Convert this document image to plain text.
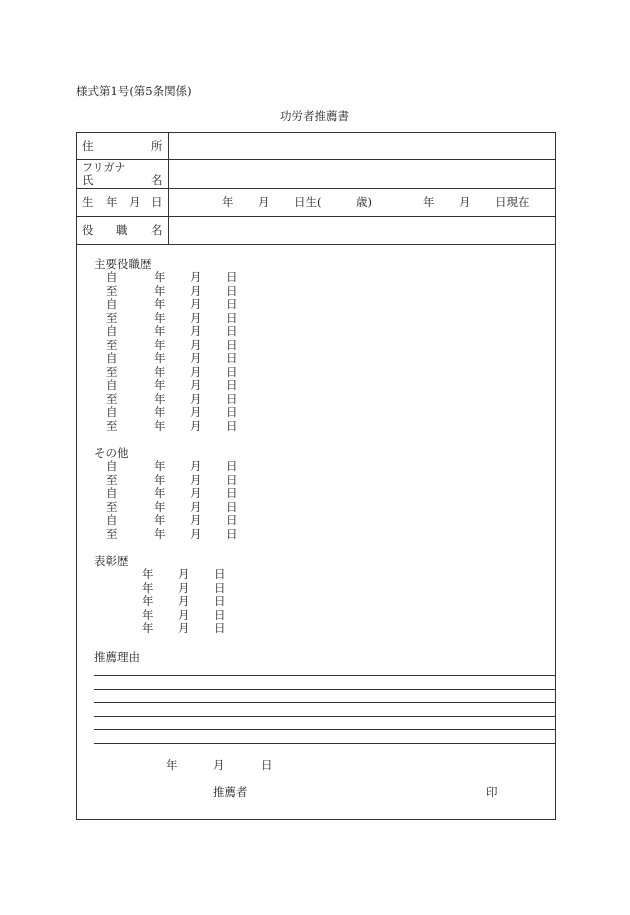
様式第1号(第5条関係)
功労者推薦書
住	所
フリガナ
氏	名
生 年 月 日	年 月 日生(	歳)	年 月 日現在
役 職 名
主要役職歴
自	年 月 日
至	年 月 日
自	年 月 日
至	年 月 日
自	年 月 日
至	年 月 日
自	年 月 日
至	年 月 日
自	年 月 日
至	年 月 日
自	年 月 日
至	年 月 日
その他
自	年 月 日
至	年 月 日
自	年 月 日
至	年 月 日
自	年 月 日
至	年 月 日
表彰歴
年 月 日
年 月 日
年 月 日
年 月 日
年 月 日
推薦理由
年	月	日
推薦者	印
